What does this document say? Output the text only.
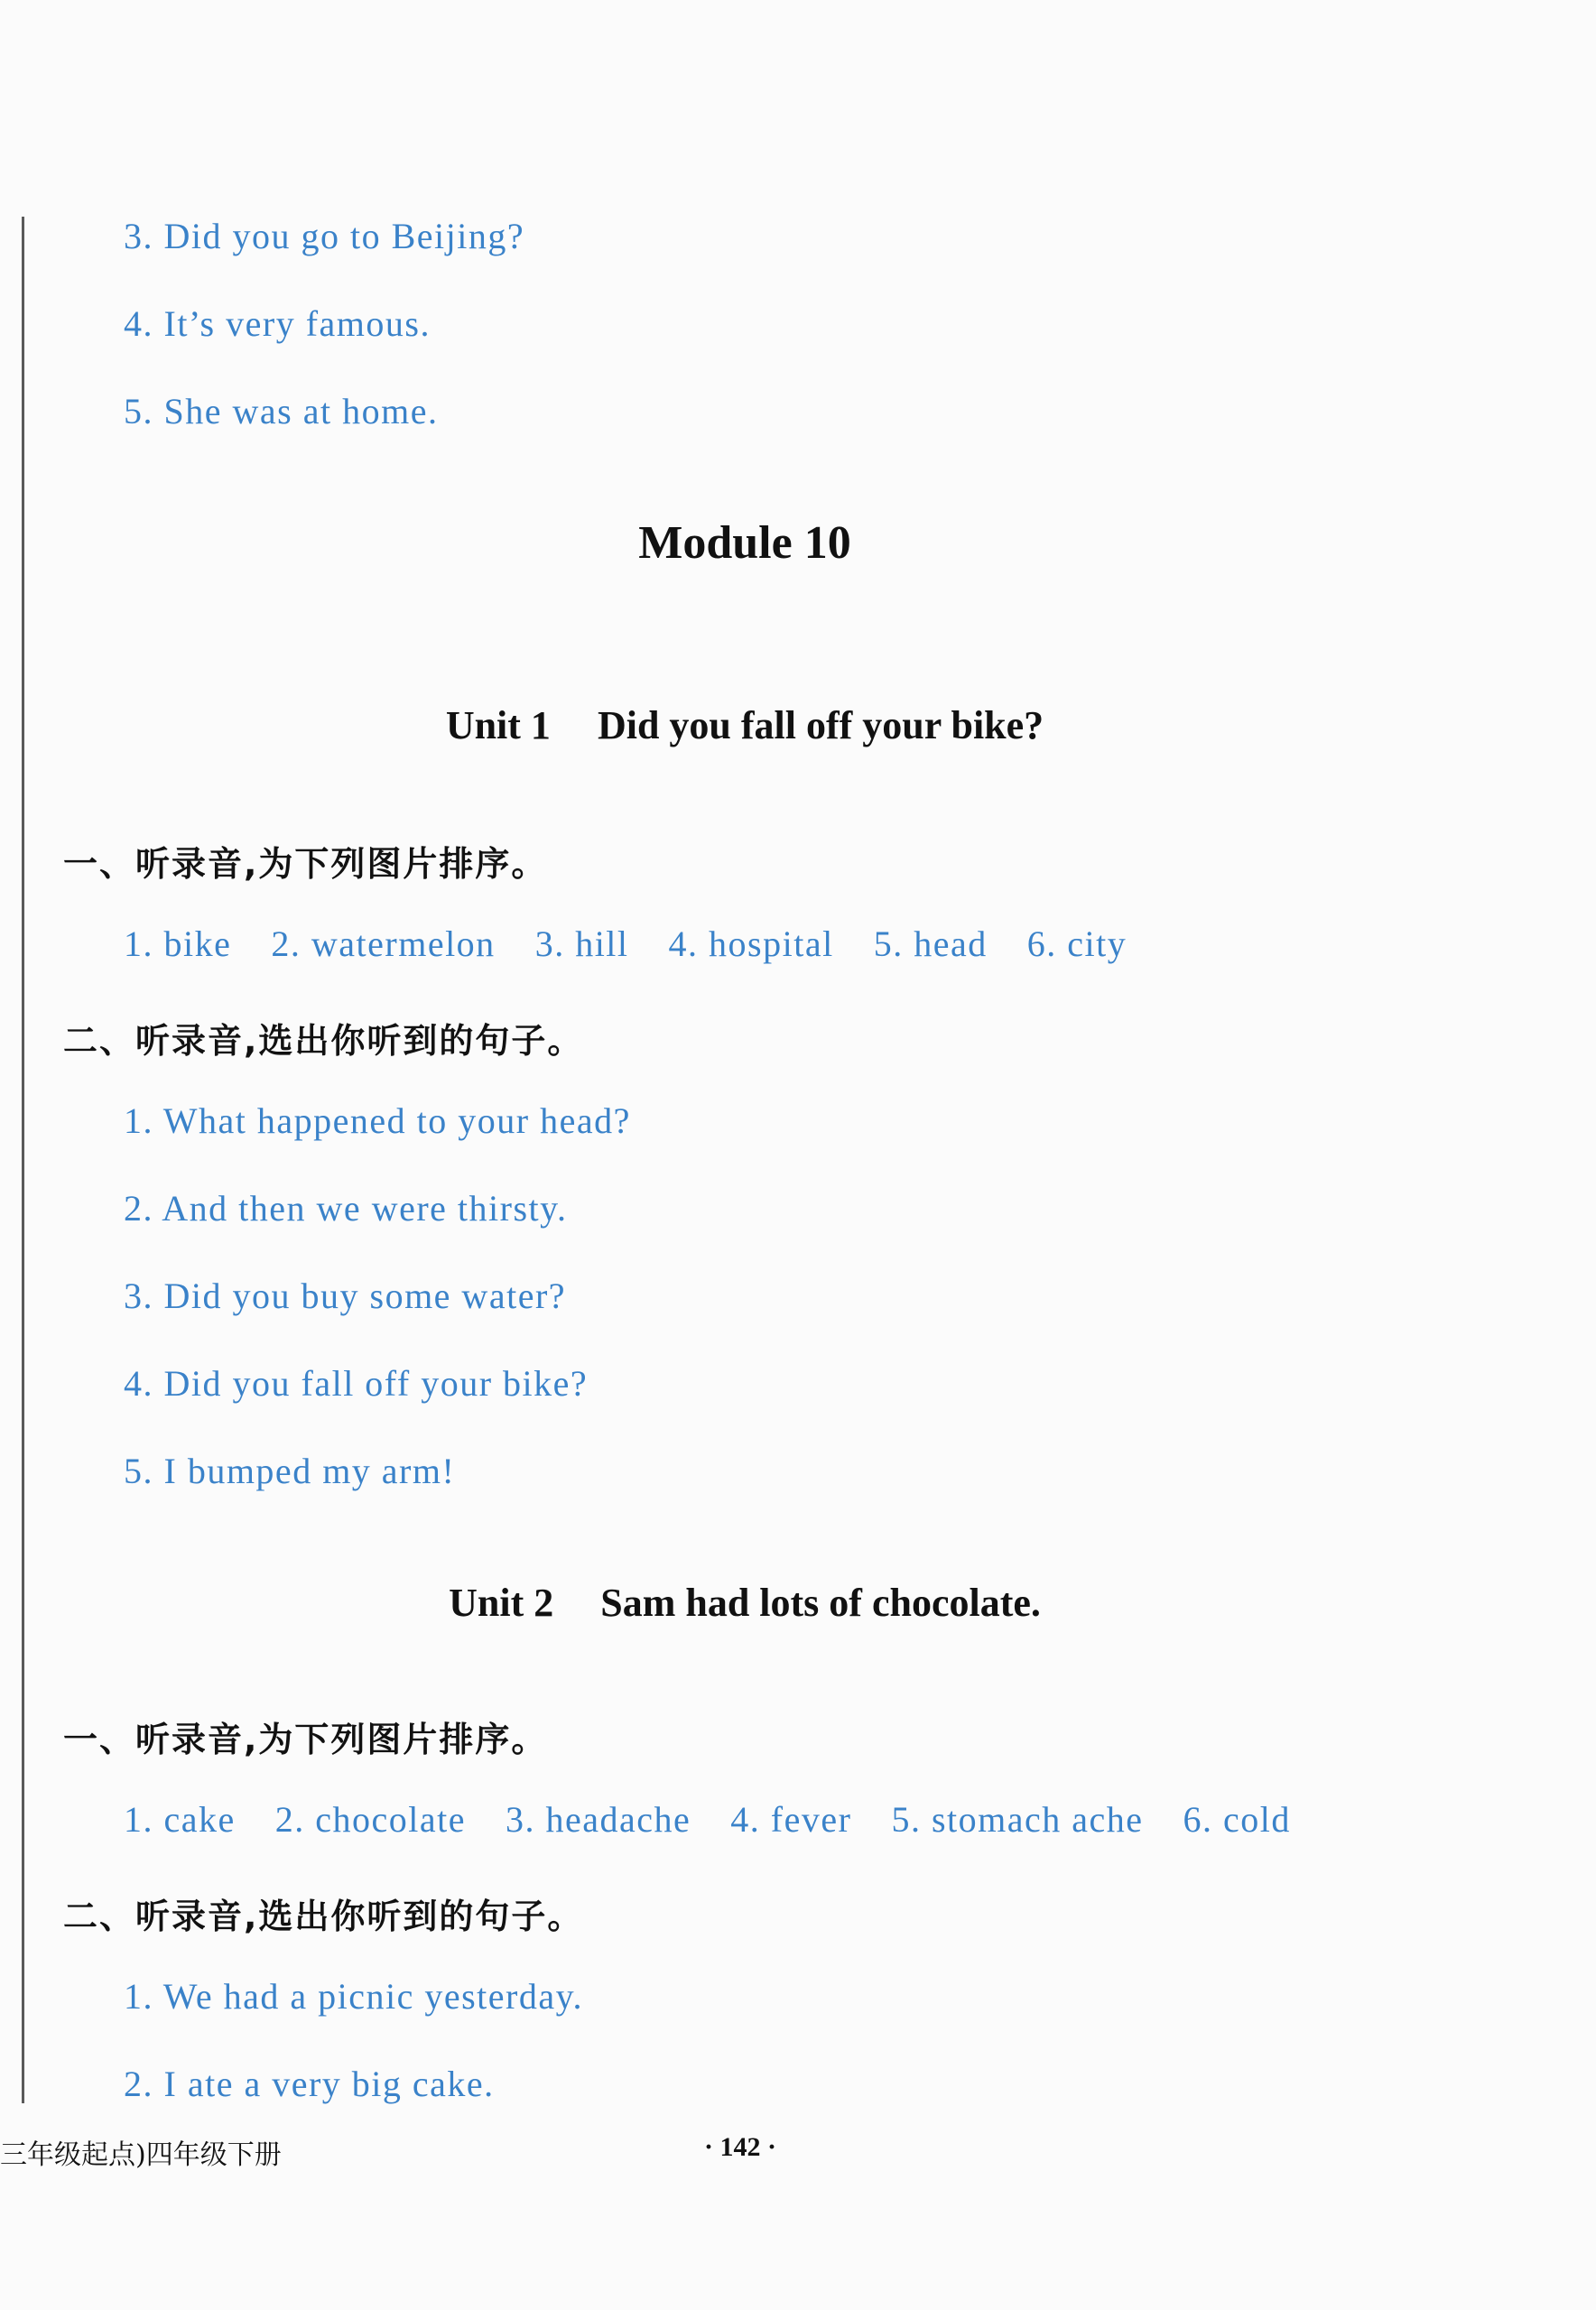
3. Did you go to Beijing?
4. It’s very famous.
5. She was at home.
Module 10
Unit 1 Did you fall off your bike?
一、听录音,为下列图片排序。
1. bike 2. watermelon 3. hill 4. hospital 5. head 6. city
二、听录音,选出你听到的句子。
1. What happened to your head?
2. And then we were thirsty.
3. Did you buy some water?
4. Did you fall off your bike?
5. I bumped my arm!
Unit 2 Sam had lots of chocolate.
一、听录音,为下列图片排序。
1. cake 2. chocolate 3. headache 4. fever 5. stomach ache 6. cold
二、听录音,选出你听到的句子。
1. We had a picnic yesterday.
2. I ate a very big cake.
三年级起点)四年级下册	· 142 ·
